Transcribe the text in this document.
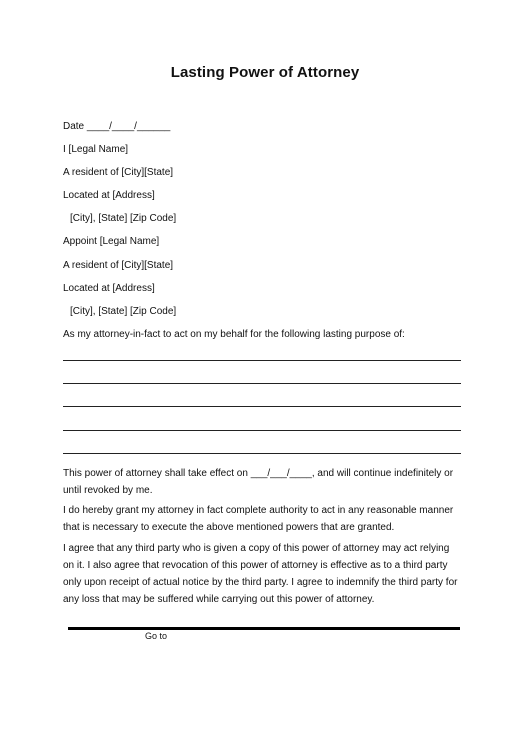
Lasting Power of Attorney
Date ____/____/______
I [Legal Name]
A resident of [City][State]
Located at [Address]
[City], [State] [Zip Code]
Appoint [Legal Name]
A resident of [City][State]
Located at [Address]
[City], [State] [Zip Code]
As my attorney-in-fact to act on my behalf for the following lasting purpose of:
This power of attorney shall take effect on ___/___/____, and will continue indefinitely or until revoked by me.
I do hereby grant my attorney in fact complete authority to act in any reasonable manner that is necessary to execute the above mentioned powers that are granted.
I agree that any third party who is given a copy of this power of attorney may act relying on it. I also agree that revocation of this power of attorney is effective as to a third party only upon receipt of actual notice by the third party. I agree to indemnify the third party for any loss that may be suffered while carrying out this power of attorney.
Go to
